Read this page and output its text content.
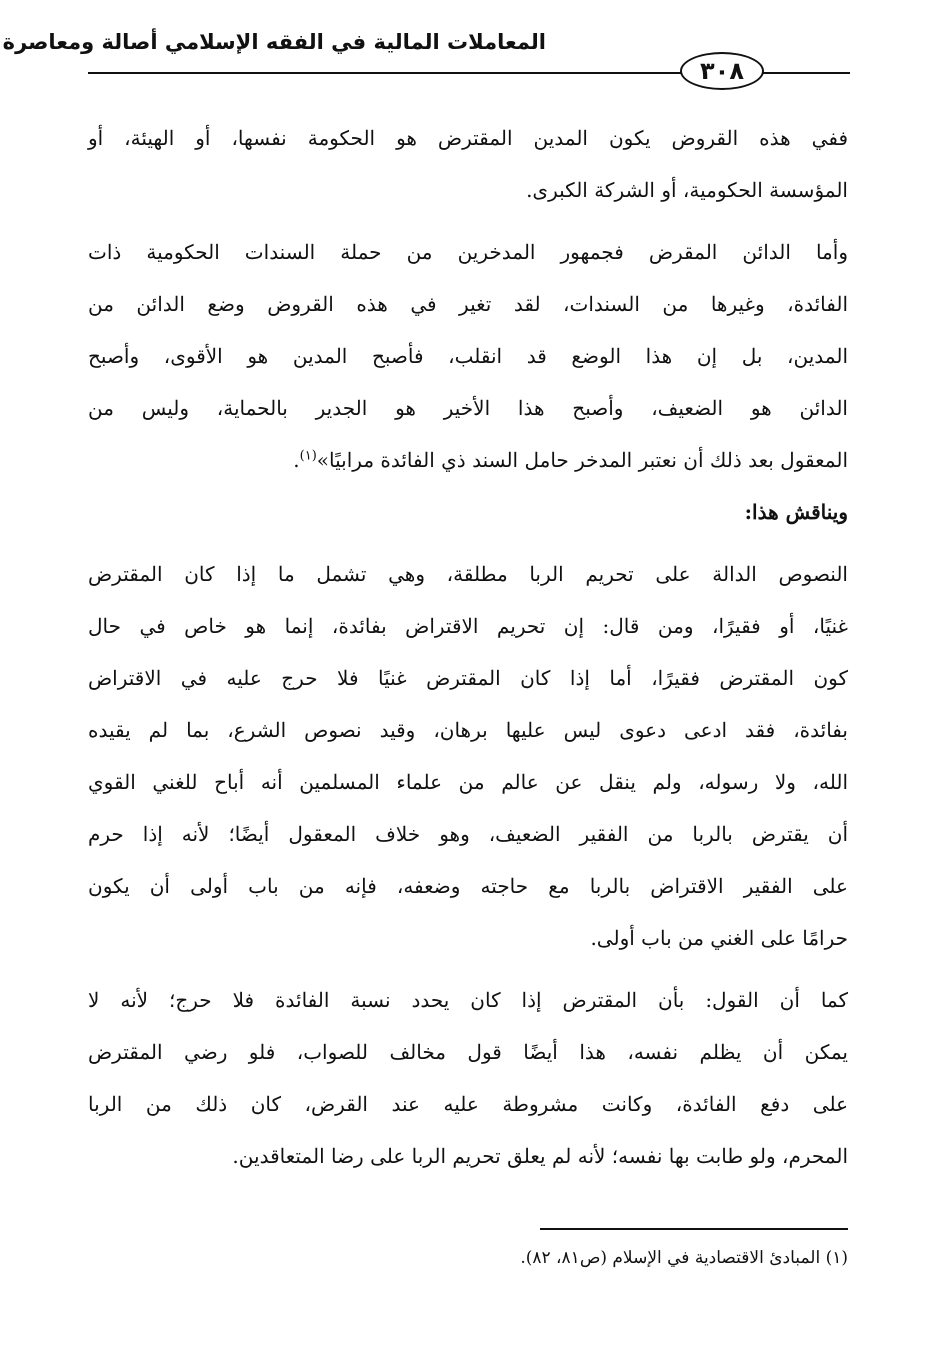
المعاملات المالية في الفقه الإسلامي أصالة ومعاصرة
٣٠٨
ففي هذه القروض يكون المدين المقترض هو الحكومة نفسها، أو الهيئة، أو
المؤسسة الحكومية، أو الشركة الكبرى.
وأما الدائن المقرض فجمهور المدخرين من حملة السندات الحكومية ذات
الفائدة، وغيرها من السندات، لقد تغير في هذه القروض وضع الدائن من
المدين، بل إن هذا الوضع قد انقلب، فأصبح المدين هو الأقوى، وأصبح
الدائن هو الضعيف، وأصبح هذا الأخير هو الجدير بالحماية، وليس من
المعقول بعد ذلك أن نعتبر المدخر حامل السند ذي الفائدة مرابيًا»$^{(١)}$.
ويناقش هذا:
النصوص الدالة على تحريم الربا مطلقة، وهي تشمل ما إذا كان المقترض
غنيًا، أو فقيرًا، ومن قال: إن تحريم الاقتراض بفائدة، إنما هو خاص في حال
كون المقترض فقيرًا، أما إذا كان المقترض غنيًا فلا حرج عليه في الاقتراض
بفائدة، فقد ادعى دعوى ليس عليها برهان، وقيد نصوص الشرع، بما لم يقيده
الله، ولا رسوله، ولم ينقل عن عالم من علماء المسلمين أنه أباح للغني القوي
أن يقترض بالربا من الفقير الضعيف، وهو خلاف المعقول أيضًا؛ لأنه إذا حرم
على الفقير الاقتراض بالربا مع حاجته وضعفه، فإنه من باب أولى أن يكون
حرامًا على الغني من باب أولى.
كما أن القول: بأن المقترض إذا كان يحدد نسبة الفائدة فلا حرج؛ لأنه لا
يمكن أن يظلم نفسه، هذا أيضًا قول مخالف للصواب، فلو رضي المقترض
على دفع الفائدة، وكانت مشروطة عليه عند القرض، كان ذلك من الربا
المحرم، ولو طابت بها نفسه؛ لأنه لم يعلق تحريم الربا على رضا المتعاقدين.
(١) المبادئ الاقتصادية في الإسلام (ص٨١، ٨٢).
